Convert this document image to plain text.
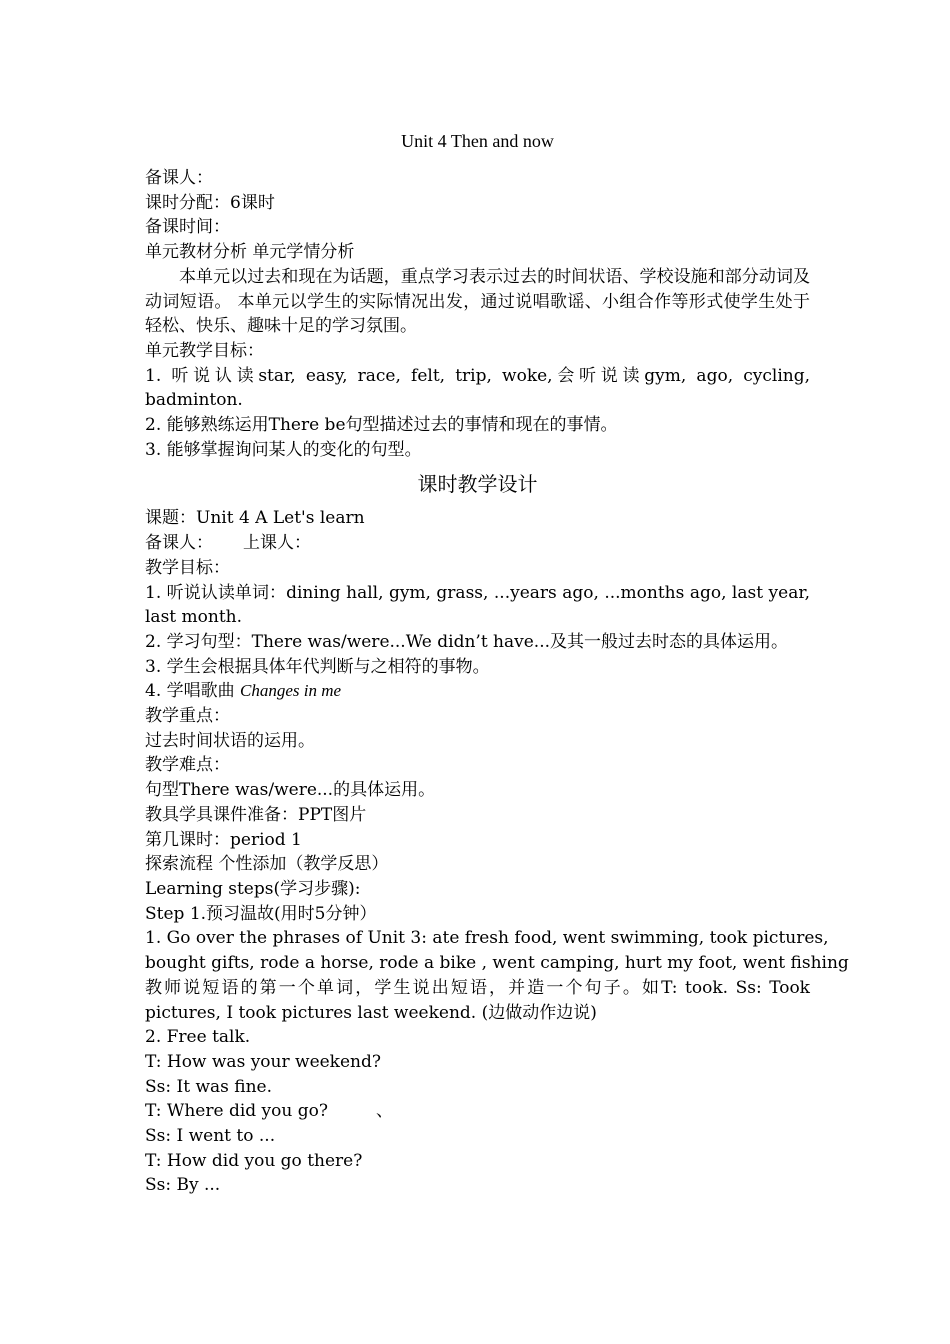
Unit 4 Then and now
备课人：
课时分配：6课时
备课时间：
单元教材分析 单元学情分析
本单元以过去和现在为话题，重点学习表示过去的时间状语、学校设施和部分动词及动词短语。 本单元以学生的实际情况出发，通过说唱歌谣、小组合作等形式使学生处于轻松、快乐、趣味十足的学习氛围。
单元教学目标：
1. 听说认读star, easy, race, felt, trip, woke,会听说读gym, ago, cycling, badminton.
2. 能够熟练运用There be句型描述过去的事情和现在的事情。
3. 能够掌握询问某人的变化的句型。
课时教学设计
课题：Unit 4 A Let's learn
备课人： 上课人：
教学目标：
1. 听说认读单词：dining hall, gym, grass, ...years ago, ...months ago, last year, last month.
2. 学习句型：There was/were...We didn’t have...及其一般过去时态的具体运用。
3. 学生会根据具体年代判断与之相符的事物。
4. 学唱歌曲 Changes in me
教学重点：
过去时间状语的运用。
教学难点：
句型There was/were...的具体运用。
教具学具课件准备：PPT图片
第几课时：period 1
探索流程 个性添加（教学反思）
Learning steps(学习步骤):
Step 1.预习温故(用时5分钟）
1. Go over the phrases of Unit 3: ate fresh food, went swimming, took pictures,
bought gifts, rode a horse, rode a bike , went camping, hurt my foot, went fishing
教师说短语的第一个单词，学生说出短语，并造一个句子。如T: took. Ss: Took pictures, I took pictures last weekend. (边做动作边说)
2. Free talk.
T: How was your weekend?
Ss: It was fine.
T: Where did you go?	、
Ss: I went to ...
T: How did you go there?
Ss: By ...
